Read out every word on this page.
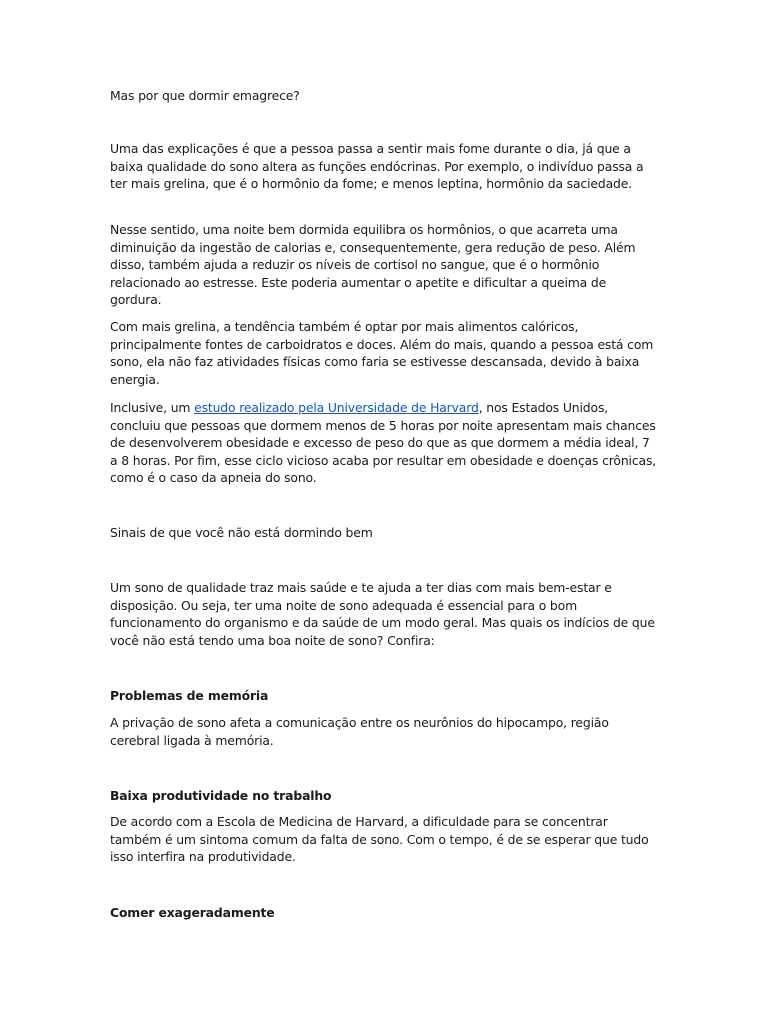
Mas por que dormir emagrece?

Uma das explicações é que a pessoa passa a sentir mais fome durante o dia, já que a baixa qualidade do sono altera as funções endócrinas. Por exemplo, o indivíduo passa a ter mais grelina, que é o hormônio da fome; e menos leptina, hormônio da saciedade.

Nesse sentido, uma noite bem dormida equilibra os hormônios, o que acarreta uma diminuição da ingestão de calorias e, consequentemente, gera redução de peso. Além disso, também ajuda a reduzir os níveis de cortisol no sangue, que é o hormônio relacionado ao estresse. Este poderia aumentar o apetite e dificultar a queima de gordura.

Com mais grelina, a tendência também é optar por mais alimentos calóricos, principalmente fontes de carboidratos e doces. Além do mais, quando a pessoa está com sono, ela não faz atividades físicas como faria se estivesse descansada, devido à baixa energia.

Inclusive, um estudo realizado pela Universidade de Harvard, nos Estados Unidos, concluiu que pessoas que dormem menos de 5 horas por noite apresentam mais chances de desenvolverem obesidade e excesso de peso do que as que dormem a média ideal, 7 a 8 horas. Por fim, esse ciclo vicioso acaba por resultar em obesidade e doenças crônicas, como é o caso da apneia do sono.

Sinais de que você não está dormindo bem

Um sono de qualidade traz mais saúde e te ajuda a ter dias com mais bem-estar e disposição. Ou seja, ter uma noite de sono adequada é essencial para o bom funcionamento do organismo e da saúde de um modo geral. Mas quais os indícios de que você não está tendo uma boa noite de sono? Confira:

Problemas de memória

A privação de sono afeta a comunicação entre os neurônios do hipocampo, região cerebral ligada à memória.

Baixa produtividade no trabalho

De acordo com a Escola de Medicina de Harvard, a dificuldade para se concentrar também é um sintoma comum da falta de sono. Com o tempo, é de se esperar que tudo isso interfira na produtividade.

Comer exageradamente
